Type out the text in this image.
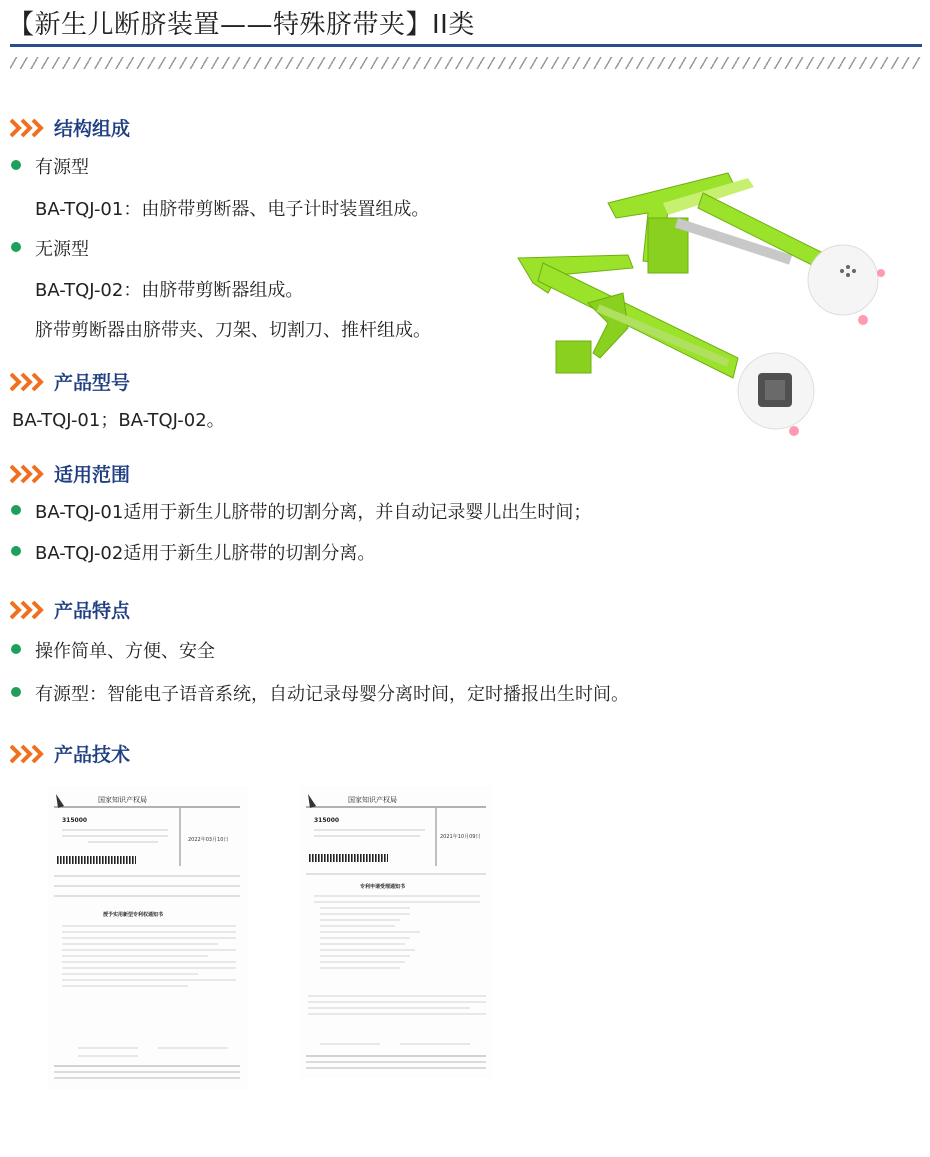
【新生儿断脐装置——特殊脐带夹】II类
结构组成
有源型
BA-TQJ-01：由脐带剪断器、电子计时装置组成。
无源型
BA-TQJ-02：由脐带剪断器组成。
脐带剪断器由脐带夹、刀架、切割刀、推杆组成。
产品型号
BA-TQJ-01；BA-TQJ-02。
适用范围
BA-TQJ-01适用于新生儿脐带的切割分离，并自动记录婴儿出生时间；
BA-TQJ-02适用于新生儿脐带的切割分离。
产品特点
操作简单、方便、安全
有源型：智能电子语音系统，自动记录母婴分离时间，定时播报出生时间。
产品技术
国家知识产权局
315000
2022年03月10日
授予实用新型专利权通知书
国家知识产权局
315000
2021年10月09日
专利申请受理通知书
